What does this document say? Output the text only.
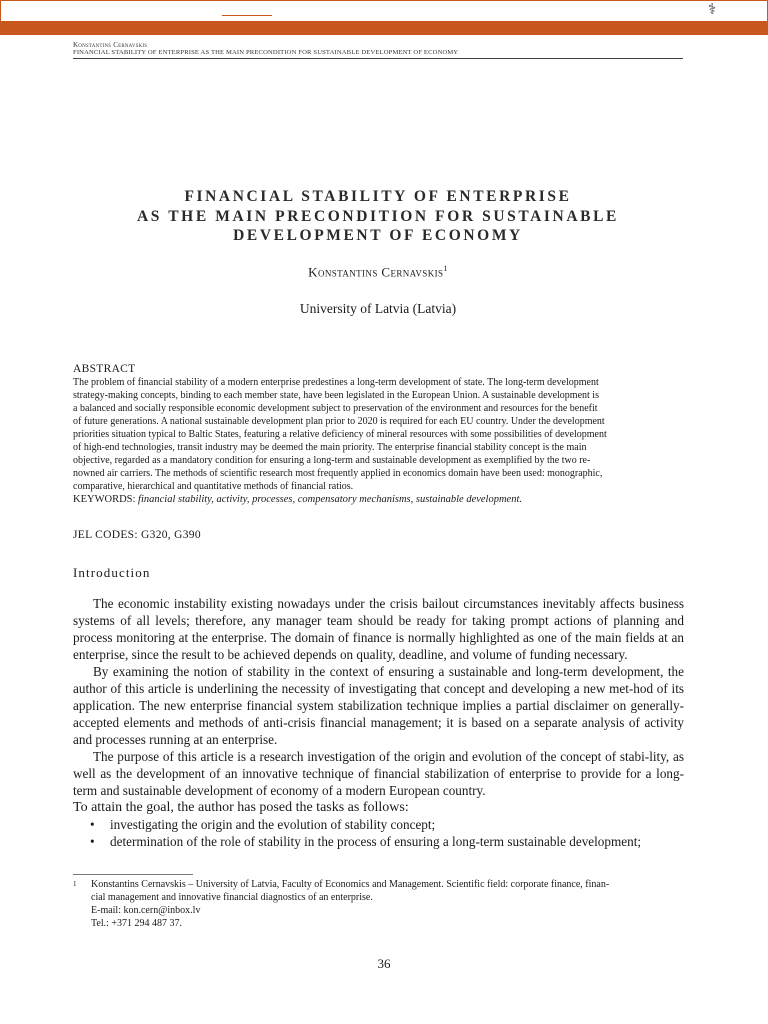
⚕
Konstantins Cernavskis
FINANCIAL STABILITY OF ENTERPRISE AS THE MAIN PRECONDITION FOR SUSTAINABLE DEVELOPMENT OF ECONOMY
FINANCIAL STABILITY OF ENTERPRISE
AS THE MAIN PRECONDITION FOR SUSTAINABLE
DEVELOPMENT OF ECONOMY
Konstantins Cernavskis$^1$
University of Latvia (Latvia)
ABSTRACT
The problem of financial stability of a modern enterprise predestines a long-term development of state. The long-term development
strategy-making concepts, binding to each member state, have been legislated in the European Union. A sustainable development is
a balanced and socially responsible economic development subject to preservation of the environment and resources for the benefit
of future generations. A national sustainable development plan prior to 2020 is required for each EU country. Under the development
priorities situation typical to Baltic States, featuring a relative deficiency of mineral resources with some possibilities of development
of high-end technologies, transit industry may be deemed the main priority. The enterprise financial stability concept is the main
objective, regarded as a mandatory condition for ensuring a long-term and sustainable development as exemplified by the two re-
nowned air carriers. The methods of scientific research most frequently applied in economics domain have been used: monographic,
comparative, hierarchical and quantitative methods of financial ratios.
KEYWORDS: financial stability, activity, processes, compensatory mechanisms, sustainable development.
JEL CODES: G320, G390
Introduction

The economic instability existing nowadays under the crisis bailout circumstances inevitably affects business systems of all levels; therefore, any manager team should be ready for taking prompt actions of planning and process monitoring at the enterprise. The domain of finance is normally highlighted as one of the main fields at an enterprise, since the result to be achieved depends on quality, deadline, and volume of funding necessary.

By examining the notion of stability in the context of ensuring a sustainable and long-term development, the author of this article is underlining the necessity of investigating that concept and developing a new met-hod of its application. The new enterprise financial system stabilization technique implies a partial disclaimer on generally-accepted elements and methods of anti-crisis financial management; it is based on a separate analysis of activity and processes running at an enterprise.

The purpose of this article is a research investigation of the origin and evolution of the concept of stabi-lity, as well as the development of an innovative technique of financial stabilization of enterprise to provide for a long-term and sustainable development of economy of a modern European country.

To attain the goal, the author has posed the tasks as follows:

• investigating the origin and the evolution of stability concept;
• determination of the role of stability in the process of ensuring a long-term sustainable development;
1 Konstantins Cernavskis – University of Latvia, Faculty of Economics and Management. Scientific field: corporate finance, finan-
cial management and innovative financial diagnostics of an enterprise.
E-mail: kon.cern@inbox.lv
Tel.: +371 294 487 37.
36
